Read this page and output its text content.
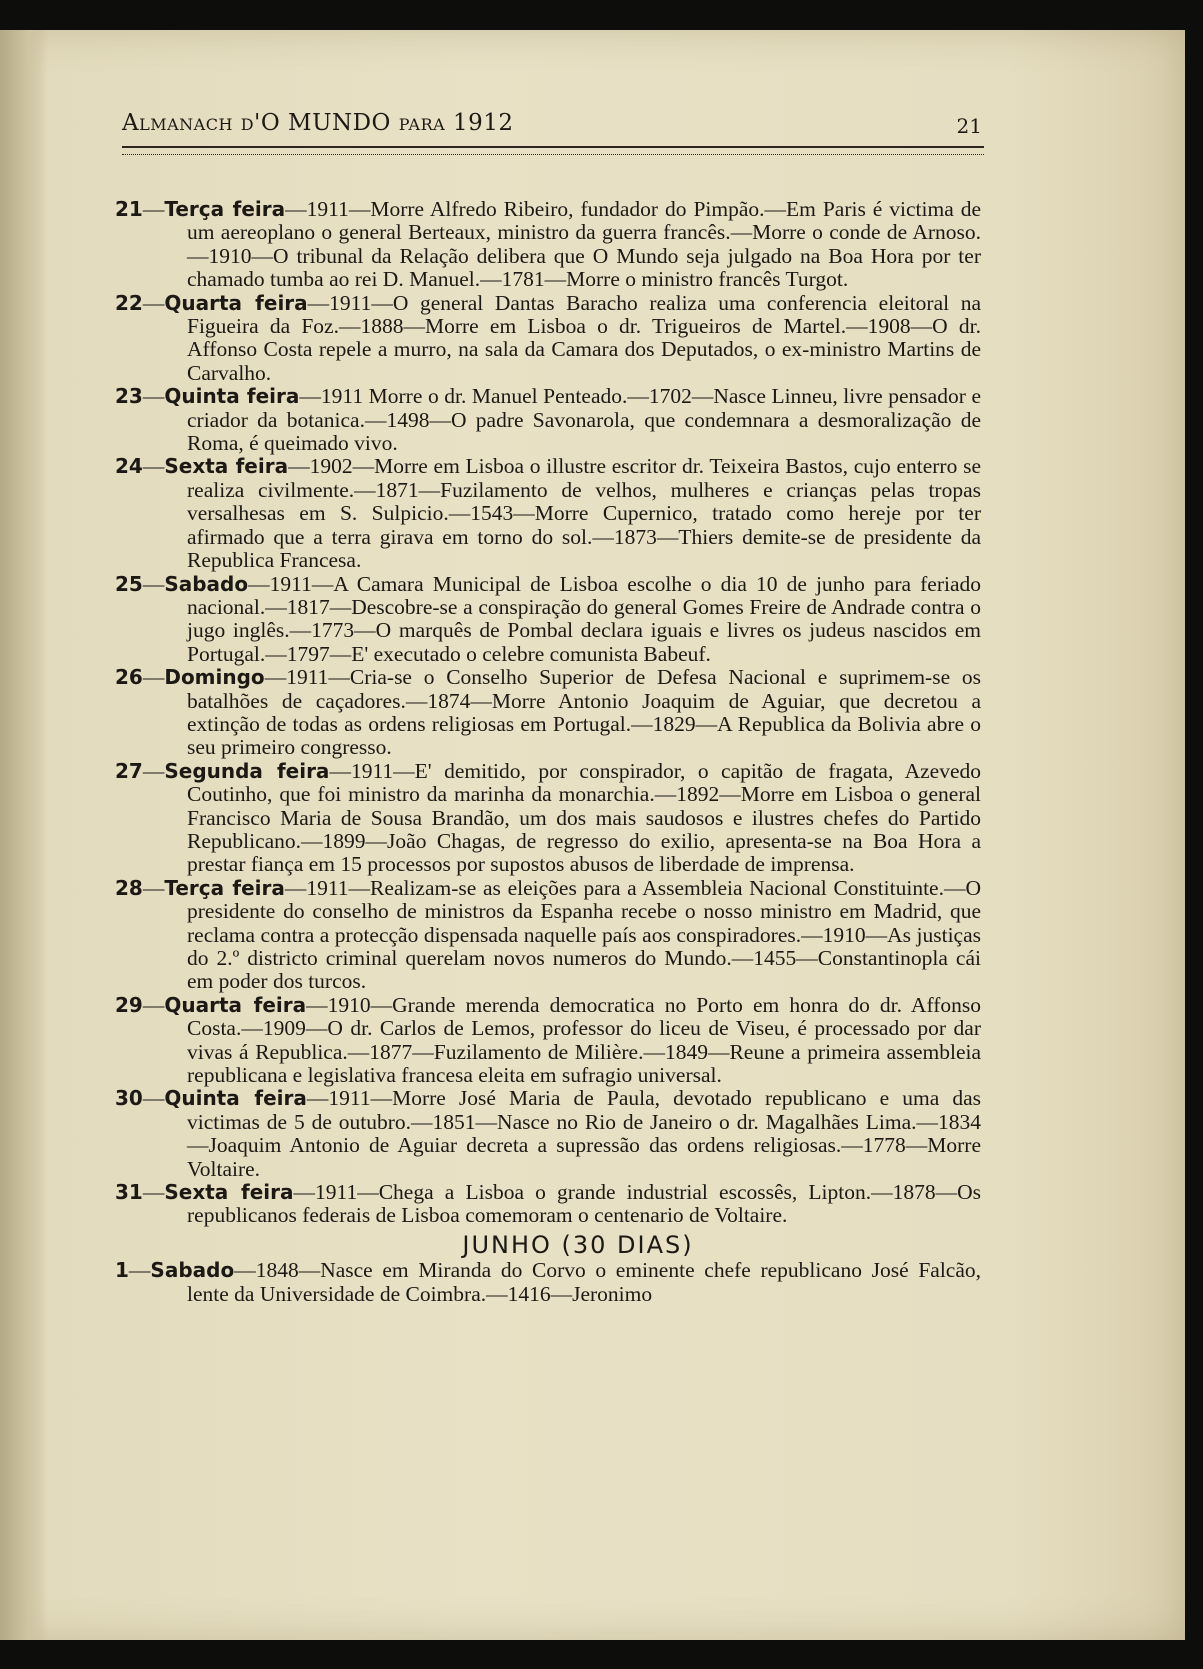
Almanach d'O MUNDO para 1912	21

21—Terça feira—1911—Morre Alfredo Ribeiro, fundador do Pimpão.—Em Paris é victima de um aereoplano o general Berteaux, ministro da guerra francês.—Morre o conde de Arnoso.—1910—O tribunal da Relação delibera que O Mundo seja julgado na Boa Hora por ter chamado tumba ao rei D. Manuel.—1781—Morre o ministro francês Turgot.

22—Quarta feira—1911—O general Dantas Baracho realiza uma conferencia eleitoral na Figueira da Foz.—1888—Morre em Lisboa o dr. Trigueiros de Martel.—1908—O dr. Affonso Costa repele a murro, na sala da Camara dos Deputados, o ex-ministro Martins de Carvalho.

23—Quinta feira—1911 Morre o dr. Manuel Penteado.—1702—Nasce Linneu, livre pensador e criador da botanica.—1498—O padre Savonarola, que condemnara a desmoralização de Roma, é queimado vivo.

24—Sexta feira—1902—Morre em Lisboa o illustre escritor dr. Teixeira Bastos, cujo enterro se realiza civilmente.—1871—Fuzilamento de velhos, mulheres e crianças pelas tropas versalhesas em S. Sulpicio.—1543—Morre Cupernico, tratado como hereje por ter afirmado que a terra girava em torno do sol.—1873—Thiers demite-se de presidente da Republica Francesa.

25—Sabado—1911—A Camara Municipal de Lisboa escolhe o dia 10 de junho para feriado nacional.—1817—Descobre-se a conspiração do general Gomes Freire de Andrade contra o jugo inglês.—1773—O marquês de Pombal declara iguais e livres os judeus nascidos em Portugal.—1797—E' executado o celebre comunista Babeuf.

26—Domingo—1911—Cria-se o Conselho Superior de Defesa Nacional e suprimem-se os batalhões de caçadores.—1874—Morre Antonio Joaquim de Aguiar, que decretou a extinção de todas as ordens religiosas em Portugal.—1829—A Republica da Bolivia abre o seu primeiro congresso.

27—Segunda feira—1911—E' demitido, por conspirador, o capitão de fragata, Azevedo Coutinho, que foi ministro da marinha da monarchia.—1892—Morre em Lisboa o general Francisco Maria de Sousa Brandão, um dos mais saudosos e ilustres chefes do Partido Republicano.—1899—João Chagas, de regresso do exilio, apresenta-se na Boa Hora a prestar fiança em 15 processos por supostos abusos de liberdade de imprensa.

28—Terça feira—1911—Realizam-se as eleições para a Assembleia Nacional Constituinte.—O presidente do conselho de ministros da Espanha recebe o nosso ministro em Madrid, que reclama contra a protecção dispensada naquelle país aos conspiradores.—1910—As justiças do 2.º districto criminal querelam novos numeros do Mundo.—1455—Constantinopla cái em poder dos turcos.

29—Quarta feira—1910—Grande merenda democratica no Porto em honra do dr. Affonso Costa.—1909—O dr. Carlos de Lemos, professor do liceu de Viseu, é processado por dar vivas á Republica.—1877—Fuzilamento de Milière.—1849—Reune a primeira assembleia republicana e legislativa francesa eleita em sufragio universal.

30—Quinta feira—1911—Morre José Maria de Paula, devotado republicano e uma das victimas de 5 de outubro.—1851—Nasce no Rio de Janeiro o dr. Magalhães Lima.—1834—Joaquim Antonio de Aguiar decreta a supressão das ordens religiosas.—1778—Morre Voltaire.

31—Sexta feira—1911—Chega a Lisboa o grande industrial escossês, Lipton.—1878—Os republicanos federais de Lisboa comemoram o centenario de Voltaire.

JUNHO (30 DIAS)

1—Sabado—1848—Nasce em Miranda do Corvo o eminente chefe republicano José Falcão, lente da Universidade de Coimbra.—1416—Jeronimo
